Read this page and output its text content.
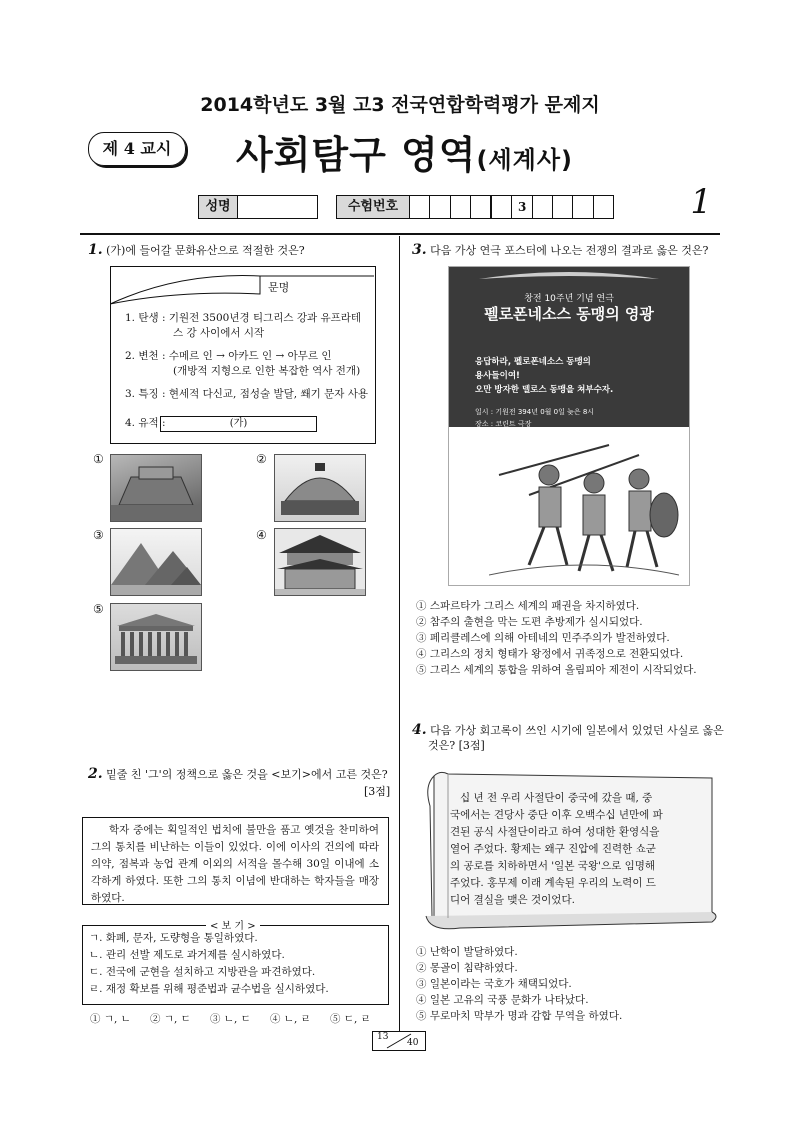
2014학년도 3월 고3 전국연합학력평가 문제지
제 4 교시	사회탐구 영역(세계사)
1
성명	수험번호	3
1. (가)에 들어갈 문화유산으로 적절한 것은?
1. 탄생 : 기원전 3500년경 티그리스 강과 유프라테
스 강 사이에서 시작
2. 변천 : 수메르 인 → 아카드 인 → 아무르 인
(개방적 지형으로 인한 복잡한 역사 전개)
3. 특징 : 현세적 다신교, 점성술 발달, 쐐기 문자 사용
4. 유적 :
문명
(가)
①	②
③	④
⑤
2. 밑줄 친 '그'의 정책으로 옳은 것을 <보기>에서 고른 것은?
[3점]
학자 중에는 획일적인 법치에 불만을 품고 옛것을 찬미하여 그의 통치를 비난하는 이들이 있었다. 이에 이사의 건의에 따라 의약, 점복과 농업 관계 이외의 서적을 몰수해 30일 이내에 소각하게 하였다. 또한 그의 통치 이념에 반대하는 학자들을 매장하였다.
ㄱ. 화폐, 문자, 도량형을 통일하였다.
ㄴ. 관리 선발 제도로 과거제를 실시하였다.
ㄷ. 전국에 군현을 설치하고 지방관을 파견하였다.
ㄹ. 재정 확보를 위해 평준법과 균수법을 실시하였다.
< 보 기 >
① ㄱ, ㄴ ② ㄱ, ㄷ ③ ㄴ, ㄷ ④ ㄴ, ㄹ ⑤ ㄷ, ㄹ
3. 다음 가상 연극 포스터에 나오는 전쟁의 결과로 옳은 것은?
창전 10주년 기념 연극
펠로폰네소스 동맹의 영광
응답하라, 펠로폰네소스 동맹의
용사들이여!
오만 방자한 델로스 동맹을 쳐부수자.
일시 : 기원전 394년 0월 0일 늦은 8시
장소 : 코린트 극장
① 스파르타가 그리스 세계의 패권을 차지하였다.
② 참주의 출현을 막는 도편 추방제가 실시되었다.
③ 페리클레스에 의해 아테네의 민주주의가 발전하였다.
④ 그리스의 정치 형태가 왕정에서 귀족정으로 전환되었다.
⑤ 그리스 세계의 통합을 위하여 올림피아 제전이 시작되었다.
4. 다음 가상 회고록이 쓰인 시기에 일본에서 있었던 사실로 옳은
것은? [3점]
십 년 전 우리 사절단이 중국에 갔을 때, 중
국에서는 견당사 중단 이후 오백수십 년만에 파
견된 공식 사절단이라고 하여 성대한 환영식을
열어 주었다. 황제는 왜구 진압에 진력한 쇼군
의 공로를 치하하면서 '일본 국왕'으로 임명해
주었다. 홍무제 이래 계속된 우리의 노력이 드
디어 결실을 맺은 것이었다.
① 난학이 발달하였다.
② 몽골이 침략하였다.
③ 일본이라는 국호가 채택되었다.
④ 일본 고유의 국풍 문화가 나타났다.
⑤ 무로마치 막부가 명과 감합 무역을 하였다.
13
40
